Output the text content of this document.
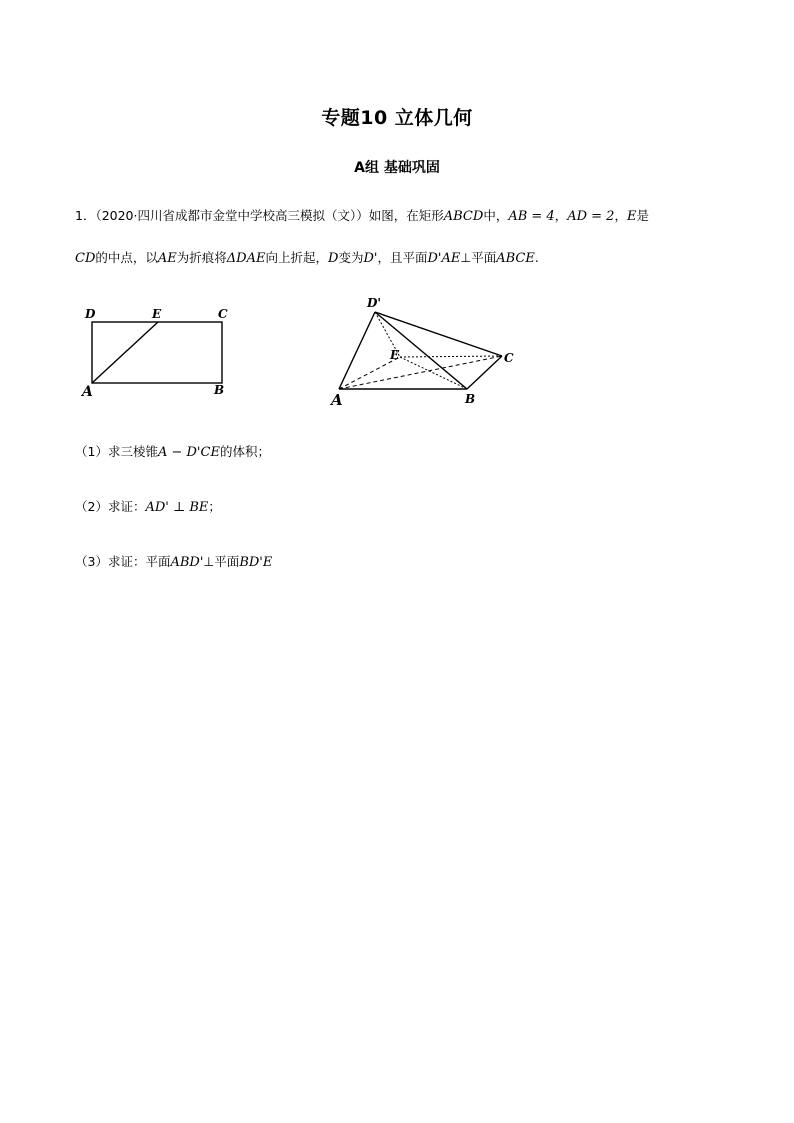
专题10 立体几何
A组 基础巩固
1．（2020·四川省成都市金堂中学校高三模拟（文））如图，在矩形ABCD中，AB = 4，AD = 2，E是
CD的中点，以AE为折痕将ΔDAE向上折起，D变为D'，且平面D'AE⊥平面ABCE.
D	E	C
A	B
D'
E	C
A	B
（1）求三棱锥A − D'CE的体积；
（2）求证：AD' ⊥ BE；
（3）求证：平面ABD'⊥平面BD'E
